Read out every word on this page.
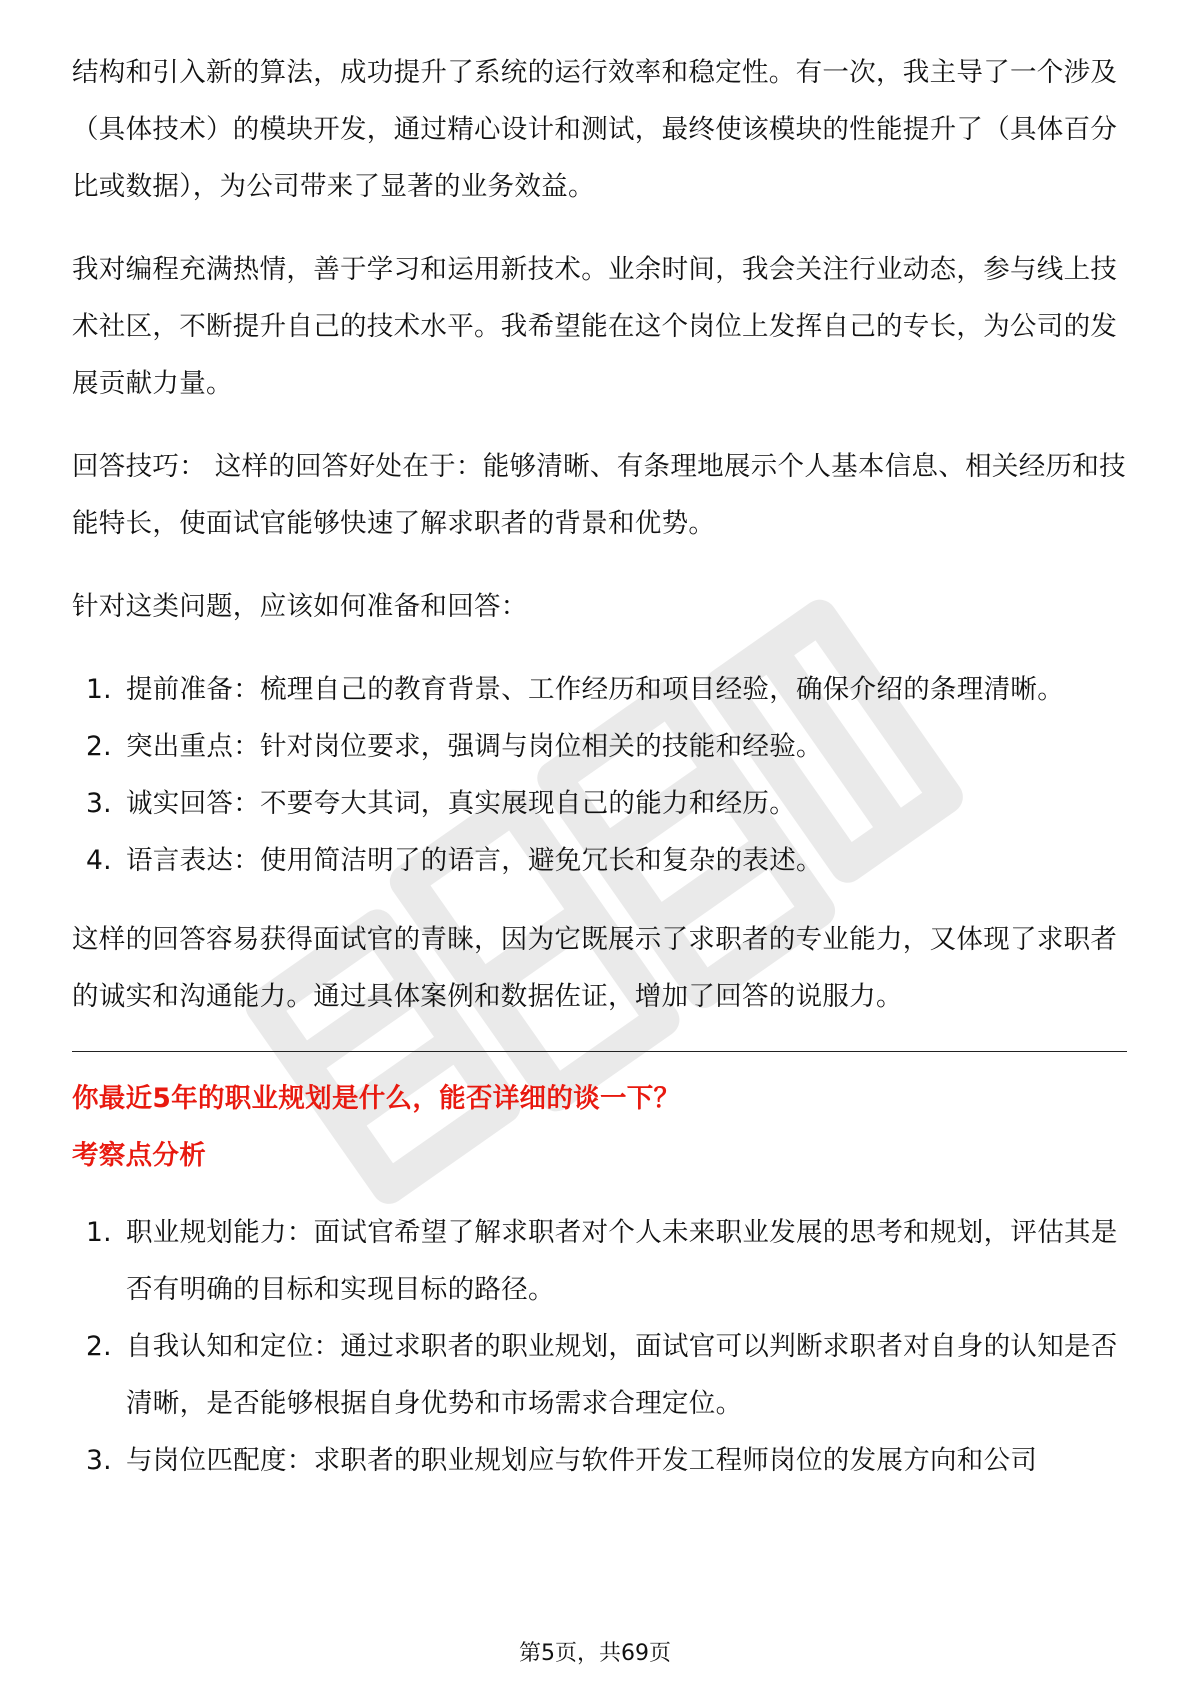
结构和引入新的算法，成功提升了系统的运行效率和稳定性。有一次，我主导了一个涉及（具体技术）的模块开发，通过精心设计和测试，最终使该模块的性能提升了（具体百分比或数据），为公司带来了显著的业务效益。

我对编程充满热情，善于学习和运用新技术。业余时间，我会关注行业动态，参与线上技术社区，不断提升自己的技术水平。我希望能在这个岗位上发挥自己的专长，为公司的发展贡献力量。

回答技巧： 这样的回答好处在于：能够清晰、有条理地展示个人基本信息、相关经历和技能特长，使面试官能够快速了解求职者的背景和优势。

针对这类问题，应该如何准备和回答：

1. 提前准备：梳理自己的教育背景、工作经历和项目经验，确保介绍的条理清晰。
2. 突出重点：针对岗位要求，强调与岗位相关的技能和经验。
3. 诚实回答：不要夸大其词，真实展现自己的能力和经历。
4. 语言表达：使用简洁明了的语言，避免冗长和复杂的表述。

这样的回答容易获得面试官的青睐，因为它既展示了求职者的专业能力，又体现了求职者的诚实和沟通能力。通过具体案例和数据佐证，增加了回答的说服力。

你最近5年的职业规划是什么，能否详细的谈一下？

考察点分析

1. 职业规划能力：面试官希望了解求职者对个人未来职业发展的思考和规划，评估其是否有明确的目标和实现目标的路径。
2. 自我认知和定位：通过求职者的职业规划，面试官可以判断求职者对自身的认知是否清晰，是否能够根据自身优势和市场需求合理定位。
3. 与岗位匹配度：求职者的职业规划应与软件开发工程师岗位的发展方向和公司
第5页，共69页
